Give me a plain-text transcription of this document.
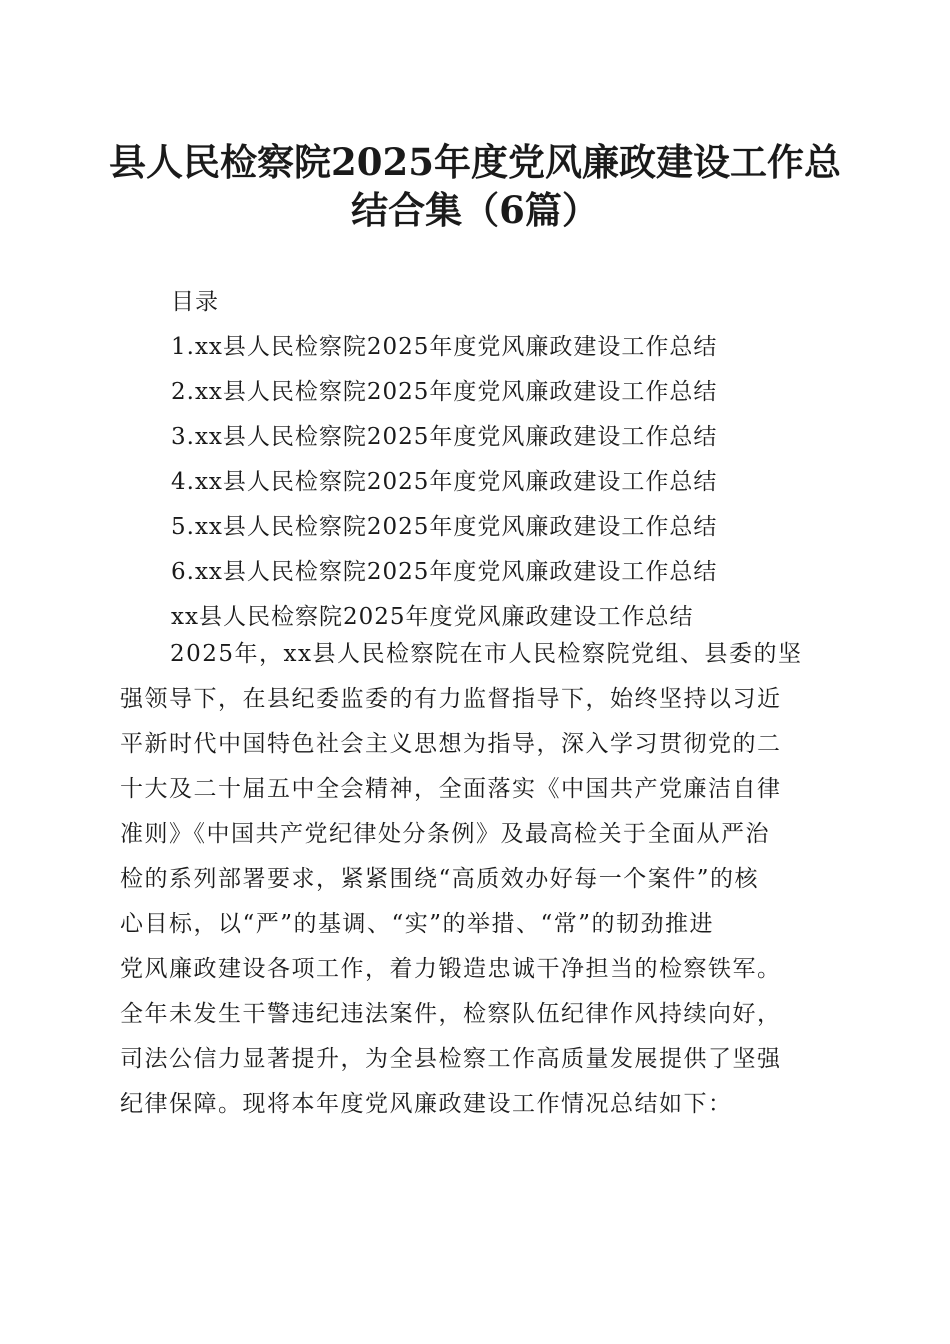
县人民检察院2025年度党风廉政建设工作总
结合集（6篇）
目录
1.xx县人民检察院2025年度党风廉政建设工作总结
2.xx县人民检察院2025年度党风廉政建设工作总结
3.xx县人民检察院2025年度党风廉政建设工作总结
4.xx县人民检察院2025年度党风廉政建设工作总结
5.xx县人民检察院2025年度党风廉政建设工作总结
6.xx县人民检察院2025年度党风廉政建设工作总结
xx县人民检察院2025年度党风廉政建设工作总结

2025年，xx县人民检察院在市人民检察院党组、县委的坚
强领导下，在县纪委监委的有力监督指导下，始终坚持以习近
平新时代中国特色社会主义思想为指导，深入学习贯彻党的二
十大及二十届五中全会精神，全面落实《中国共产党廉洁自律
准则》《中国共产党纪律处分条例》及最高检关于全面从严治
检的系列部署要求，紧紧围绕“高质效办好每一个案件”的核
心目标，以“严”的基调、“实”的举措、“常”的韧劲推进
党风廉政建设各项工作，着力锻造忠诚干净担当的检察铁军。
全年未发生干警违纪违法案件，检察队伍纪律作风持续向好，
司法公信力显著提升，为全县检察工作高质量发展提供了坚强
纪律保障。现将本年度党风廉政建设工作情况总结如下：
